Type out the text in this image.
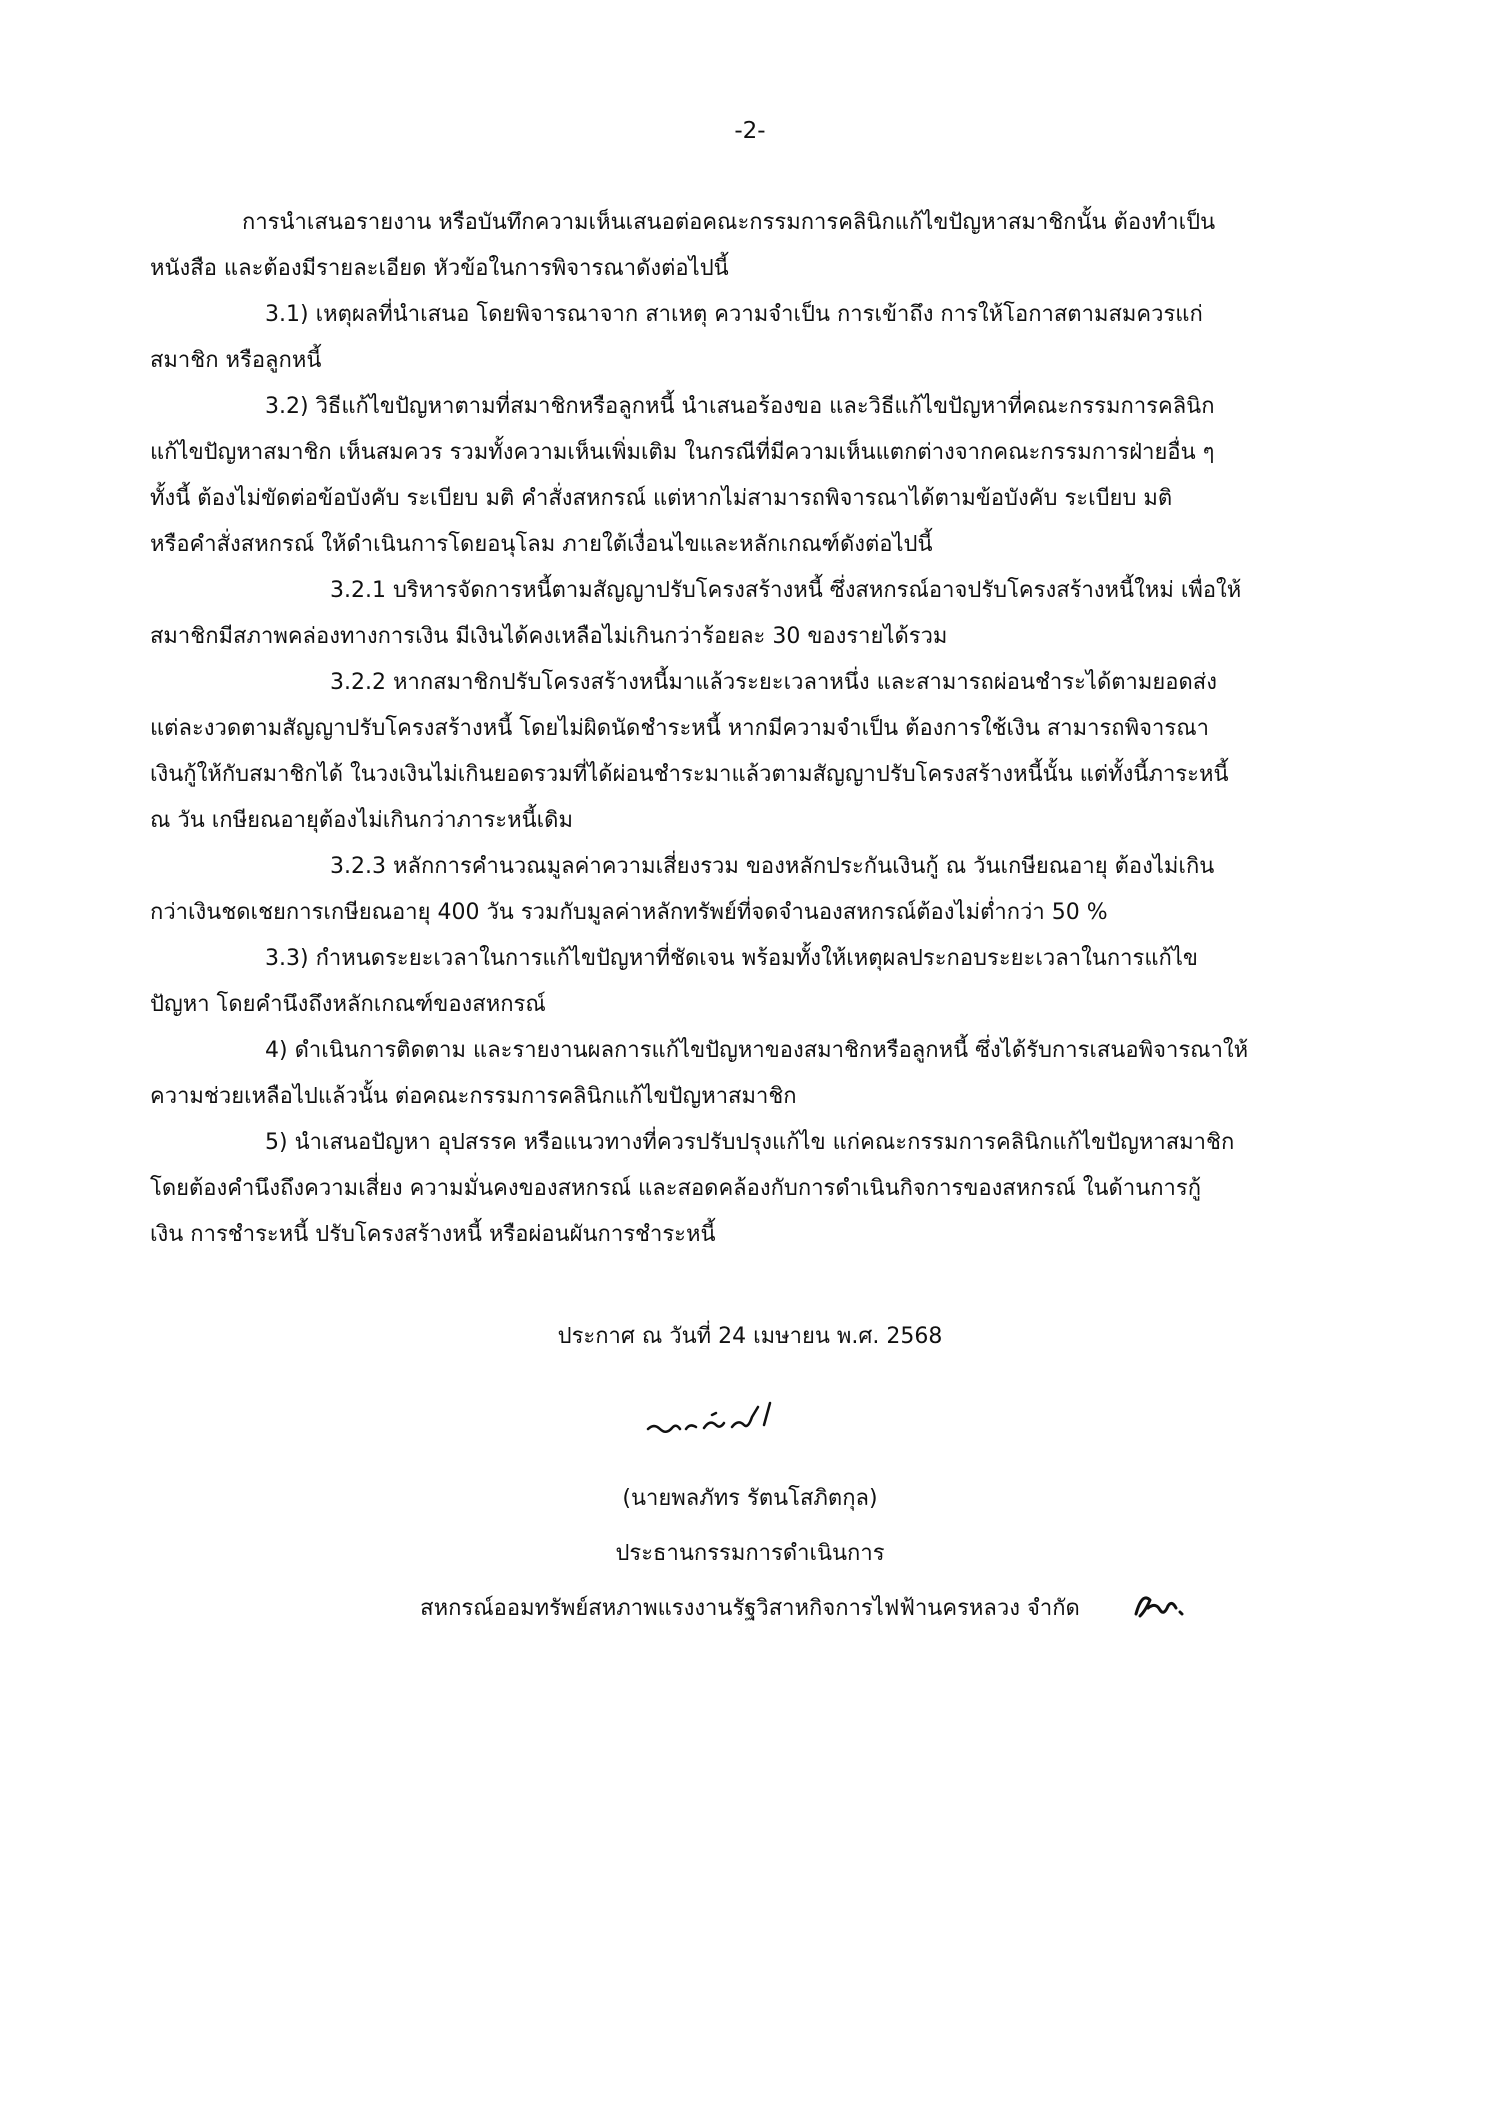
-2-
การนำเสนอรายงาน หรือบันทึกความเห็นเสนอต่อคณะกรรมการคลินิกแก้ไขปัญหาสมาชิกนั้น ต้องทำเป็น
หนังสือ และต้องมีรายละเอียด หัวข้อในการพิจารณาดังต่อไปนี้
3.1) เหตุผลที่นำเสนอ โดยพิจารณาจาก สาเหตุ ความจำเป็น การเข้าถึง การให้โอกาสตามสมควรแก่
สมาชิก หรือลูกหนี้
3.2) วิธีแก้ไขปัญหาตามที่สมาชิกหรือลูกหนี้ นำเสนอร้องขอ และวิธีแก้ไขปัญหาที่คณะกรรมการคลินิก
แก้ไขปัญหาสมาชิก เห็นสมควร รวมทั้งความเห็นเพิ่มเติม ในกรณีที่มีความเห็นแตกต่างจากคณะกรรมการฝ่ายอื่น ๆ
ทั้งนี้ ต้องไม่ขัดต่อข้อบังคับ ระเบียบ มติ คำสั่งสหกรณ์ แต่หากไม่สามารถพิจารณาได้ตามข้อบังคับ ระเบียบ มติ
หรือคำสั่งสหกรณ์ ให้ดำเนินการโดยอนุโลม ภายใต้เงื่อนไขและหลักเกณฑ์ดังต่อไปนี้
3.2.1 บริหารจัดการหนี้ตามสัญญาปรับโครงสร้างหนี้ ซึ่งสหกรณ์อาจปรับโครงสร้างหนี้ใหม่ เพื่อให้
สมาชิกมีสภาพคล่องทางการเงิน มีเงินได้คงเหลือไม่เกินกว่าร้อยละ 30 ของรายได้รวม
3.2.2 หากสมาชิกปรับโครงสร้างหนี้มาแล้วระยะเวลาหนึ่ง และสามารถผ่อนชำระได้ตามยอดส่ง
แต่ละงวดตามสัญญาปรับโครงสร้างหนี้ โดยไม่ผิดนัดชำระหนี้ หากมีความจำเป็น ต้องการใช้เงิน สามารถพิจารณา
เงินกู้ให้กับสมาชิกได้ ในวงเงินไม่เกินยอดรวมที่ได้ผ่อนชำระมาแล้วตามสัญญาปรับโครงสร้างหนี้นั้น แต่ทั้งนี้ภาระหนี้
ณ วัน เกษียณอายุต้องไม่เกินกว่าภาระหนี้เดิม
3.2.3 หลักการคำนวณมูลค่าความเสี่ยงรวม ของหลักประกันเงินกู้ ณ วันเกษียณอายุ ต้องไม่เกิน
กว่าเงินชดเชยการเกษียณอายุ 400 วัน รวมกับมูลค่าหลักทรัพย์ที่จดจำนองสหกรณ์ต้องไม่ต่ำกว่า 50 %
3.3) กำหนดระยะเวลาในการแก้ไขปัญหาที่ชัดเจน พร้อมทั้งให้เหตุผลประกอบระยะเวลาในการแก้ไข
ปัญหา โดยคำนึงถึงหลักเกณฑ์ของสหกรณ์
4) ดำเนินการติดตาม และรายงานผลการแก้ไขปัญหาของสมาชิกหรือลูกหนี้ ซึ่งได้รับการเสนอพิจารณาให้
ความช่วยเหลือไปแล้วนั้น ต่อคณะกรรมการคลินิกแก้ไขปัญหาสมาชิก
5) นำเสนอปัญหา อุปสรรค หรือแนวทางที่ควรปรับปรุงแก้ไข แก่คณะกรรมการคลินิกแก้ไขปัญหาสมาชิก
โดยต้องคำนึงถึงความเสี่ยง ความมั่นคงของสหกรณ์ และสอดคล้องกับการดำเนินกิจการของสหกรณ์ ในด้านการกู้
เงิน การชำระหนี้ ปรับโครงสร้างหนี้ หรือผ่อนผันการชำระหนี้
ประกาศ ณ วันที่ 24 เมษายน พ.ศ. 2568
(นายพลภัทร รัตนโสภิตกุล)
ประธานกรรมการดำเนินการ
สหกรณ์ออมทรัพย์สหภาพแรงงานรัฐวิสาหกิจการไฟฟ้านครหลวง จำกัด
